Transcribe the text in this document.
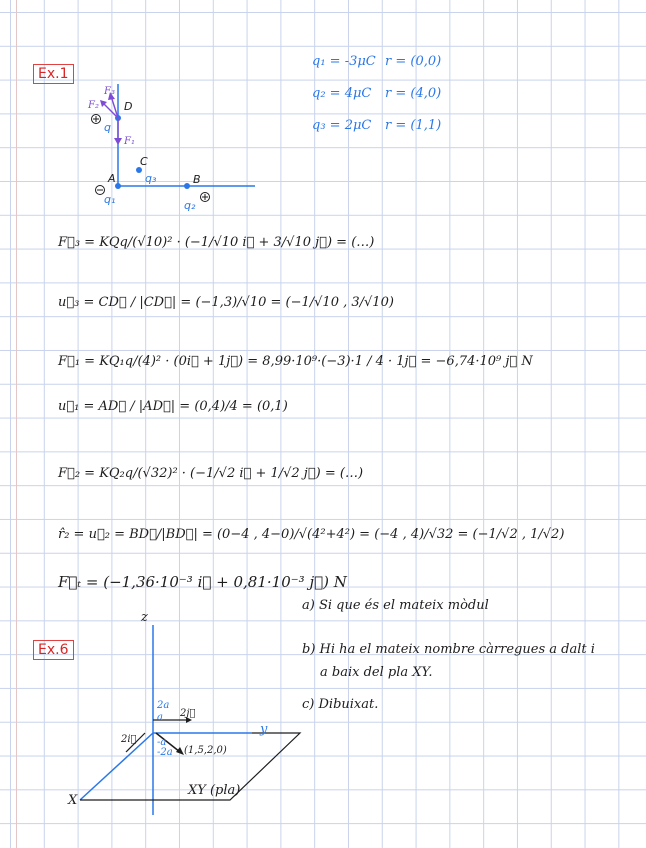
Ex.1
q₁ = -3μC r = (0,0)
q₂ = 4μC r = (4,0)
q₃ = 2μC r = (1,1)
D
A	B
C
q
q₁	q₂
q₃
F₁
F₂
F₃
F⃗₃ = KQq/(√10)² · (−1/√10 i⃗ + 3/√10 j⃗) = (…)
u⃗₃ = CD⃗ / |CD⃗| = (−1,3)/√10 = (−1/√10 , 3/√10)
F⃗₁ = KQ₁q/(4)² · (0i⃗ + 1j⃗) = 8,99·10⁹·(−3)·1 / 4 · 1j⃗ = −6,74·10⁹ j⃗ N
u⃗₁ = AD⃗ / |AD⃗| = (0,4)/4 = (0,1)
F⃗₂ = KQ₂q/(√32)² · (−1/√2 i⃗ + 1/√2 j⃗) = (…)
r̂₂ = u⃗₂ = BD⃗/|BD⃗| = (0−4 , 4−0)/√(4²+4²) = (−4 , 4)/√32 = (−1/√2 , 1/√2)
F⃗ₜ = (−1,36·10⁻³ i⃗ + 0,81·10⁻³ j⃗) N
Ex.6
a) Si que és el mateix mòdul
b) Hi ha el mateix nombre càrregues a dalt i
a baix del pla XY.
c) Dibuixat.
z
y
X
2a
a
-a
-2a
2i⃗
2j⃗
(1,5,2,0)
XY (pla)
